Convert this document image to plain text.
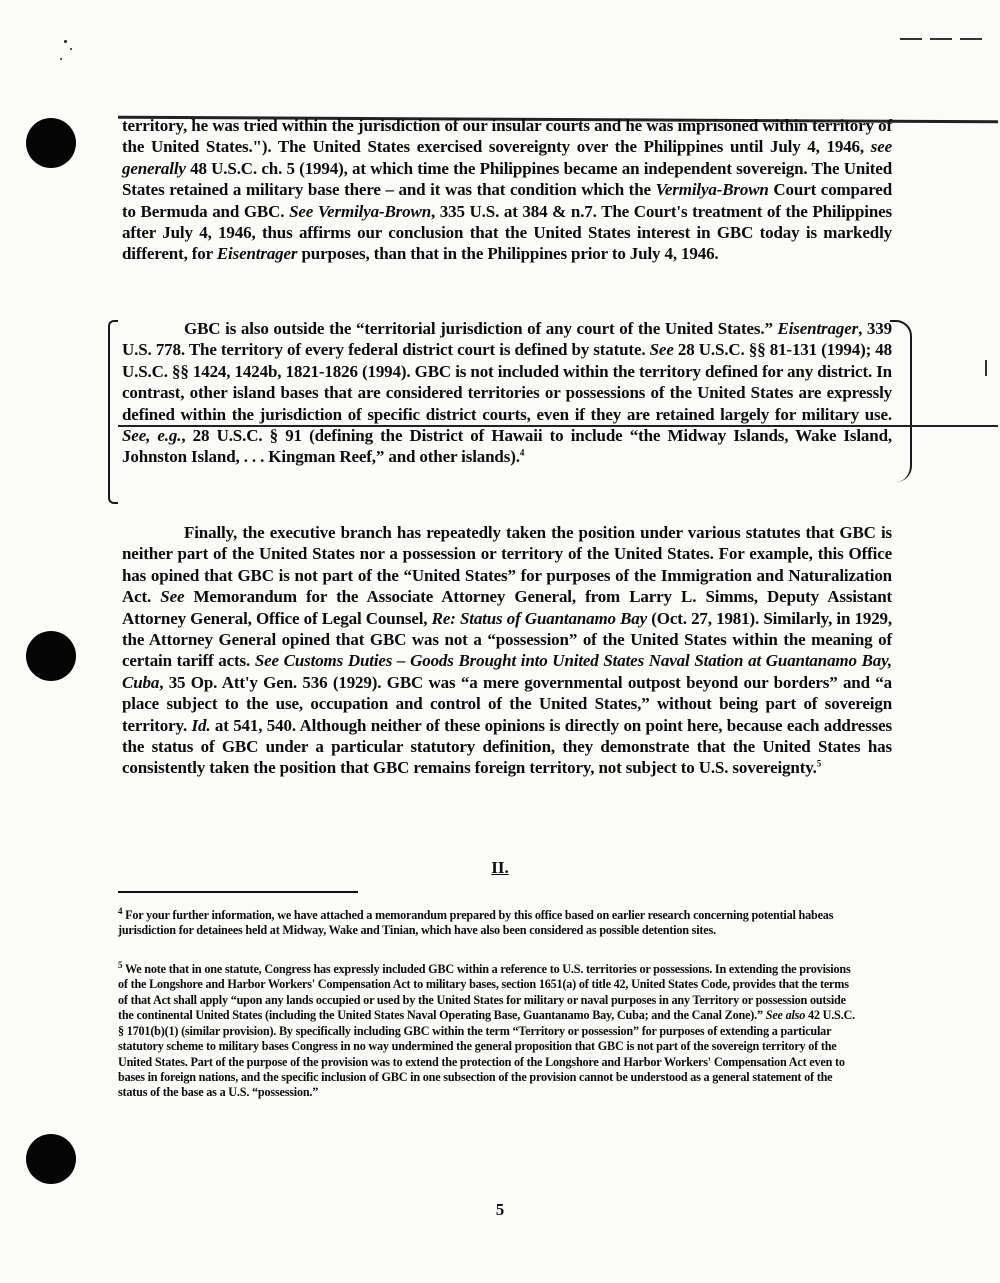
territory, he was tried within the jurisdiction of our insular courts and he was imprisoned within territory of the United States."). The United States exercised sovereignty over the Philippines until July 4, 1946, see generally 48 U.S.C. ch. 5 (1994), at which time the Philippines became an independent sovereign. The United States retained a military base there – and it was that condition which the Vermilya-Brown Court compared to Bermuda and GBC. See Vermilya-Brown, 335 U.S. at 384 & n.7. The Court's treatment of the Philippines after July 4, 1946, thus affirms our conclusion that the United States interest in GBC today is markedly different, for Eisentrager purposes, than that in the Philippines prior to July 4, 1946.

GBC is also outside the “territorial jurisdiction of any court of the United States.” Eisentrager, 339 U.S. 778. The territory of every federal district court is defined by statute. See 28 U.S.C. §§ 81-131 (1994); 48 U.S.C. §§ 1424, 1424b, 1821-1826 (1994). GBC is not included within the territory defined for any district. In contrast, other island bases that are considered territories or possessions of the United States are expressly defined within the jurisdiction of specific district courts, even if they are retained largely for military use. See, e.g., 28 U.S.C. § 91 (defining the District of Hawaii to include “the Midway Islands, Wake Island, Johnston Island, . . . Kingman Reef,” and other islands).$^4$

Finally, the executive branch has repeatedly taken the position under various statutes that GBC is neither part of the United States nor a possession or territory of the United States. For example, this Office has opined that GBC is not part of the “United States” for purposes of the Immigration and Naturalization Act. See Memorandum for the Associate Attorney General, from Larry L. Simms, Deputy Assistant Attorney General, Office of Legal Counsel, Re: Status of Guantanamo Bay (Oct. 27, 1981). Similarly, in 1929, the Attorney General opined that GBC was not a “possession” of the United States within the meaning of certain tariff acts. See Customs Duties – Goods Brought into United States Naval Station at Guantanamo Bay, Cuba, 35 Op. Att'y Gen. 536 (1929). GBC was “a mere governmental outpost beyond our borders” and “a place subject to the use, occupation and control of the United States,” without being part of sovereign territory. Id. at 541, 540. Although neither of these opinions is directly on point here, because each addresses the status of GBC under a particular statutory definition, they demonstrate that the United States has consistently taken the position that GBC remains foreign territory, not subject to U.S. sovereignty.$^5$

II.

$^4$ For your further information, we have attached a memorandum prepared by this office based on earlier research concerning potential habeas jurisdiction for detainees held at Midway, Wake and Tinian, which have also been considered as possible detention sites.

$^5$ We note that in one statute, Congress has expressly included GBC within a reference to U.S. territories or possessions. In extending the provisions of the Longshore and Harbor Workers' Compensation Act to military bases, section 1651(a) of title 42, United States Code, provides that the terms of that Act shall apply “upon any lands occupied or used by the United States for military or naval purposes in any Territory or possession outside the continental United States (including the United States Naval Operating Base, Guantanamo Bay, Cuba; and the Canal Zone).” See also 42 U.S.C. § 1701(b)(1) (similar provision). By specifically including GBC within the term “Territory or possession” for purposes of extending a particular statutory scheme to military bases Congress in no way undermined the general proposition that GBC is not part of the sovereign territory of the United States. Part of the purpose of the provision was to extend the protection of the Longshore and Harbor Workers' Compensation Act even to bases in foreign nations, and the specific inclusion of GBC in one subsection of the provision cannot be understood as a general statement of the status of the base as a U.S. “possession.”

5
